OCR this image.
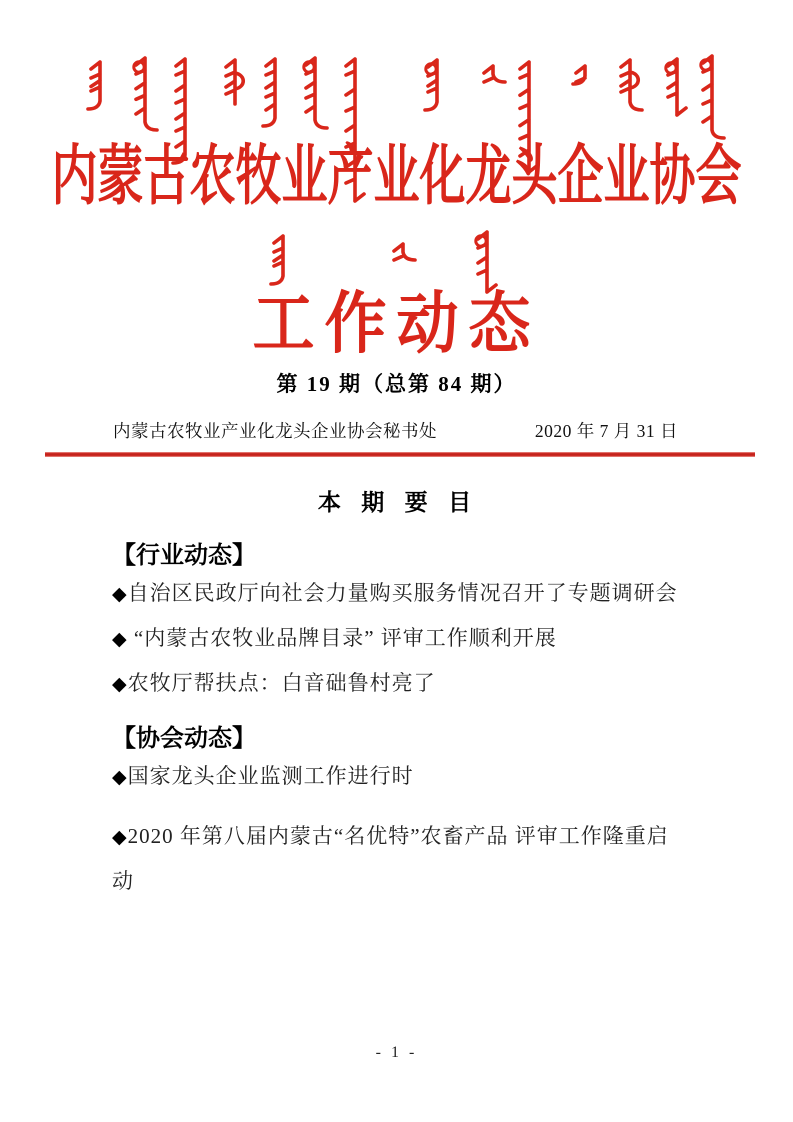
内蒙古农牧业产业化龙头企业协会
工作动态
第 19 期（总第 84 期）
内蒙古农牧业产业化龙头企业协会秘书处	2020 年 7 月 31 日

本 期 要 目

【行业动态】

◆自治区民政厅向社会力量购买服务情况召开了专题调研会

◆ “内蒙古农牧业品牌目录” 评审工作顺利开展

◆农牧厅帮扶点：白音础鲁村亮了

【协会动态】

◆国家龙头企业监测工作进行时

◆2020 年第八届内蒙古“名优特”农畜产品 评审工作隆重启动

- 1 -
